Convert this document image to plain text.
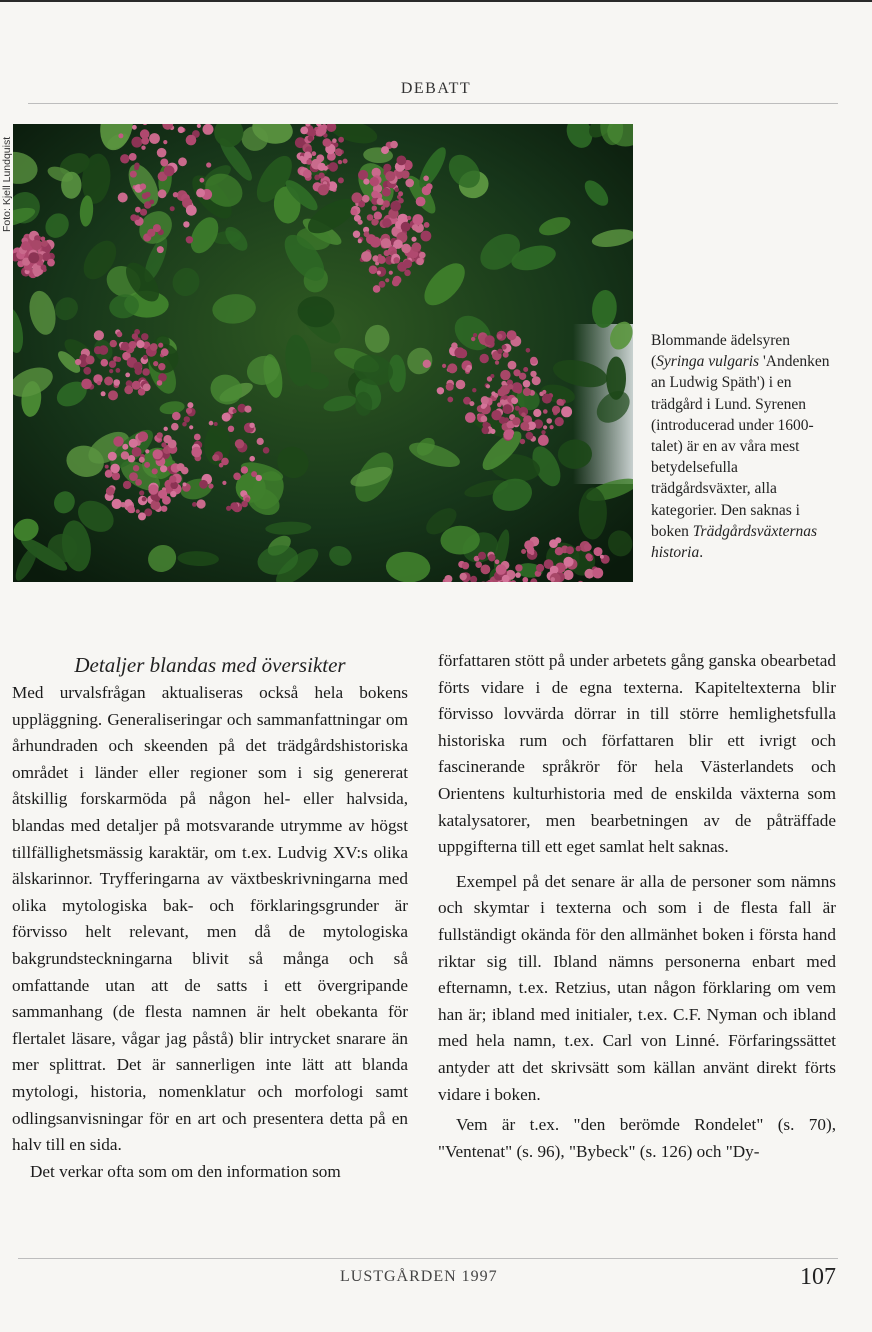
DEBATT
Foto: Kjell Lundquist
Blommande ädelsyren (Syringa vulgaris 'Andenken an Ludwig Späth') i en trädgård i Lund. Syrenen (introducerad under 1600-talet) är en av våra mest betydelsefulla trädgårdsväxter, alla kategorier. Den saknas i boken Trädgårdsväxternas historia.

Detaljer blandas med översikter

Med urvalsfrågan aktualiseras också hela bokens uppläggning. Generaliseringar och sammanfattningar om århundraden och skeenden på det trädgårdshistoriska området i länder eller regioner som i sig genererat åtskillig forskarmöda på någon hel- eller halvsida, blandas med detaljer på motsvarande utrymme av högst tillfällighetsmässig karaktär, om t.ex. Ludvig XV:s olika älskarinnor. Tryfferingarna av växtbeskrivningarna med olika mytologiska bak- och förklaringsgrunder är förvisso helt relevant, men då de mytologiska bakgrundsteckningarna blivit så många och så omfattande utan att de satts i ett övergripande sammanhang (de flesta namnen är helt obekanta för flertalet läsare, vågar jag påstå) blir intrycket snarare än mer splittrat. Det är sannerligen inte lätt att blanda mytologi, historia, nomenklatur och morfologi samt odlingsanvisningar för en art och presentera detta på en halv till en sida.

Det verkar ofta som om den information som

författaren stött på under arbetets gång ganska obearbetad förts vidare i de egna texterna. Kapiteltexterna blir förvisso lovvärda dörrar in till större hemlighetsfulla historiska rum och författaren blir ett ivrigt och fascinerande språkrör för hela Västerlandets och Orientens kulturhistoria med de enskilda växterna som katalysatorer, men bearbetningen av de påträffade uppgifterna till ett eget samlat helt saknas.

Exempel på det senare är alla de personer som nämns och skymtar i texterna och som i de flesta fall är fullständigt okända för den allmänhet boken i första hand riktar sig till. Ibland nämns personerna enbart med efternamn, t.ex. Retzius, utan någon förklaring om vem han är; ibland med initialer, t.ex. C.F. Nyman och ibland med hela namn, t.ex. Carl von Linné. Förfaringssättet antyder att det skrivsätt som källan använt direkt förts vidare i boken.

Vem är t.ex. "den berömde Rondelet" (s. 70), "Ventenat" (s. 96), "Bybeck" (s. 126) och "Dy-

LUSTGÅRDEN 1997	107
